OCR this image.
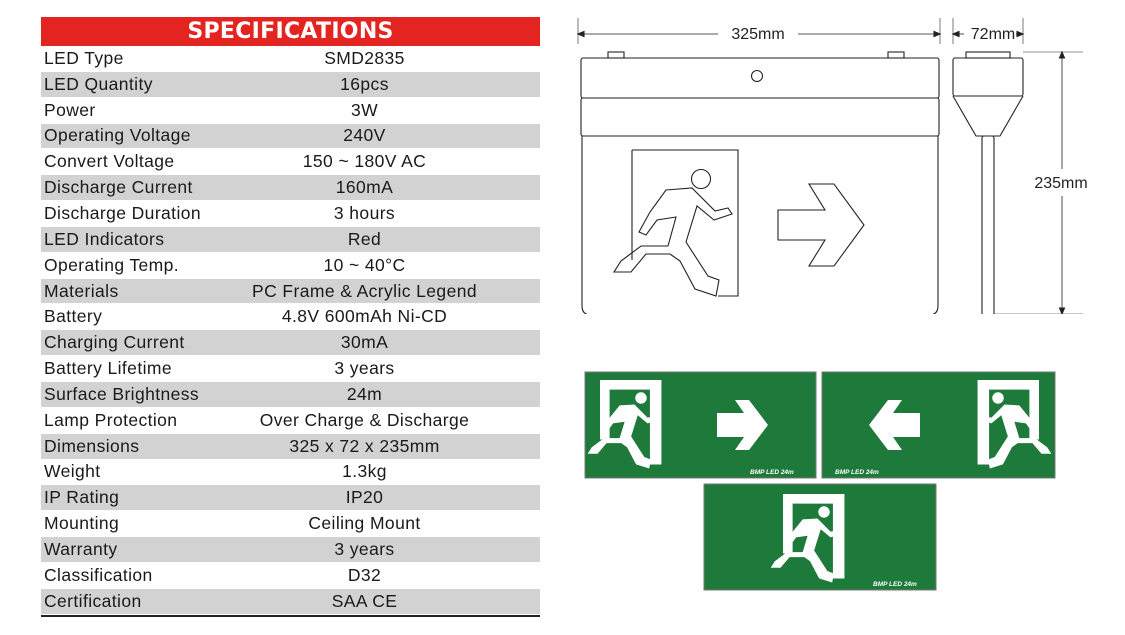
SPECIFICATIONS
LED Type	SMD2835
LED Quantity	16pcs
Power	3W
Operating Voltage	240V
Convert Voltage	150 ~ 180V AC
Discharge Current	160mA
Discharge Duration	3 hours
LED Indicators	Red
Operating Temp.	10 ~ 40°C
Materials	PC Frame & Acrylic Legend
Battery	4.8V 600mAh Ni-CD
Charging Current	30mA
Battery Lifetime	3 years
Surface Brightness	24m
Lamp Protection	Over Charge & Discharge
Dimensions	325 x 72 x 235mm
Weight	1.3kg
IP Rating	IP20
Mounting	Ceiling Mount
Warranty	3 years
Classification	D32
Certification	SAA CE
325mm	72mm
235mm
BMP LED 24m	BMP LED 24m
BMP LED 24m
